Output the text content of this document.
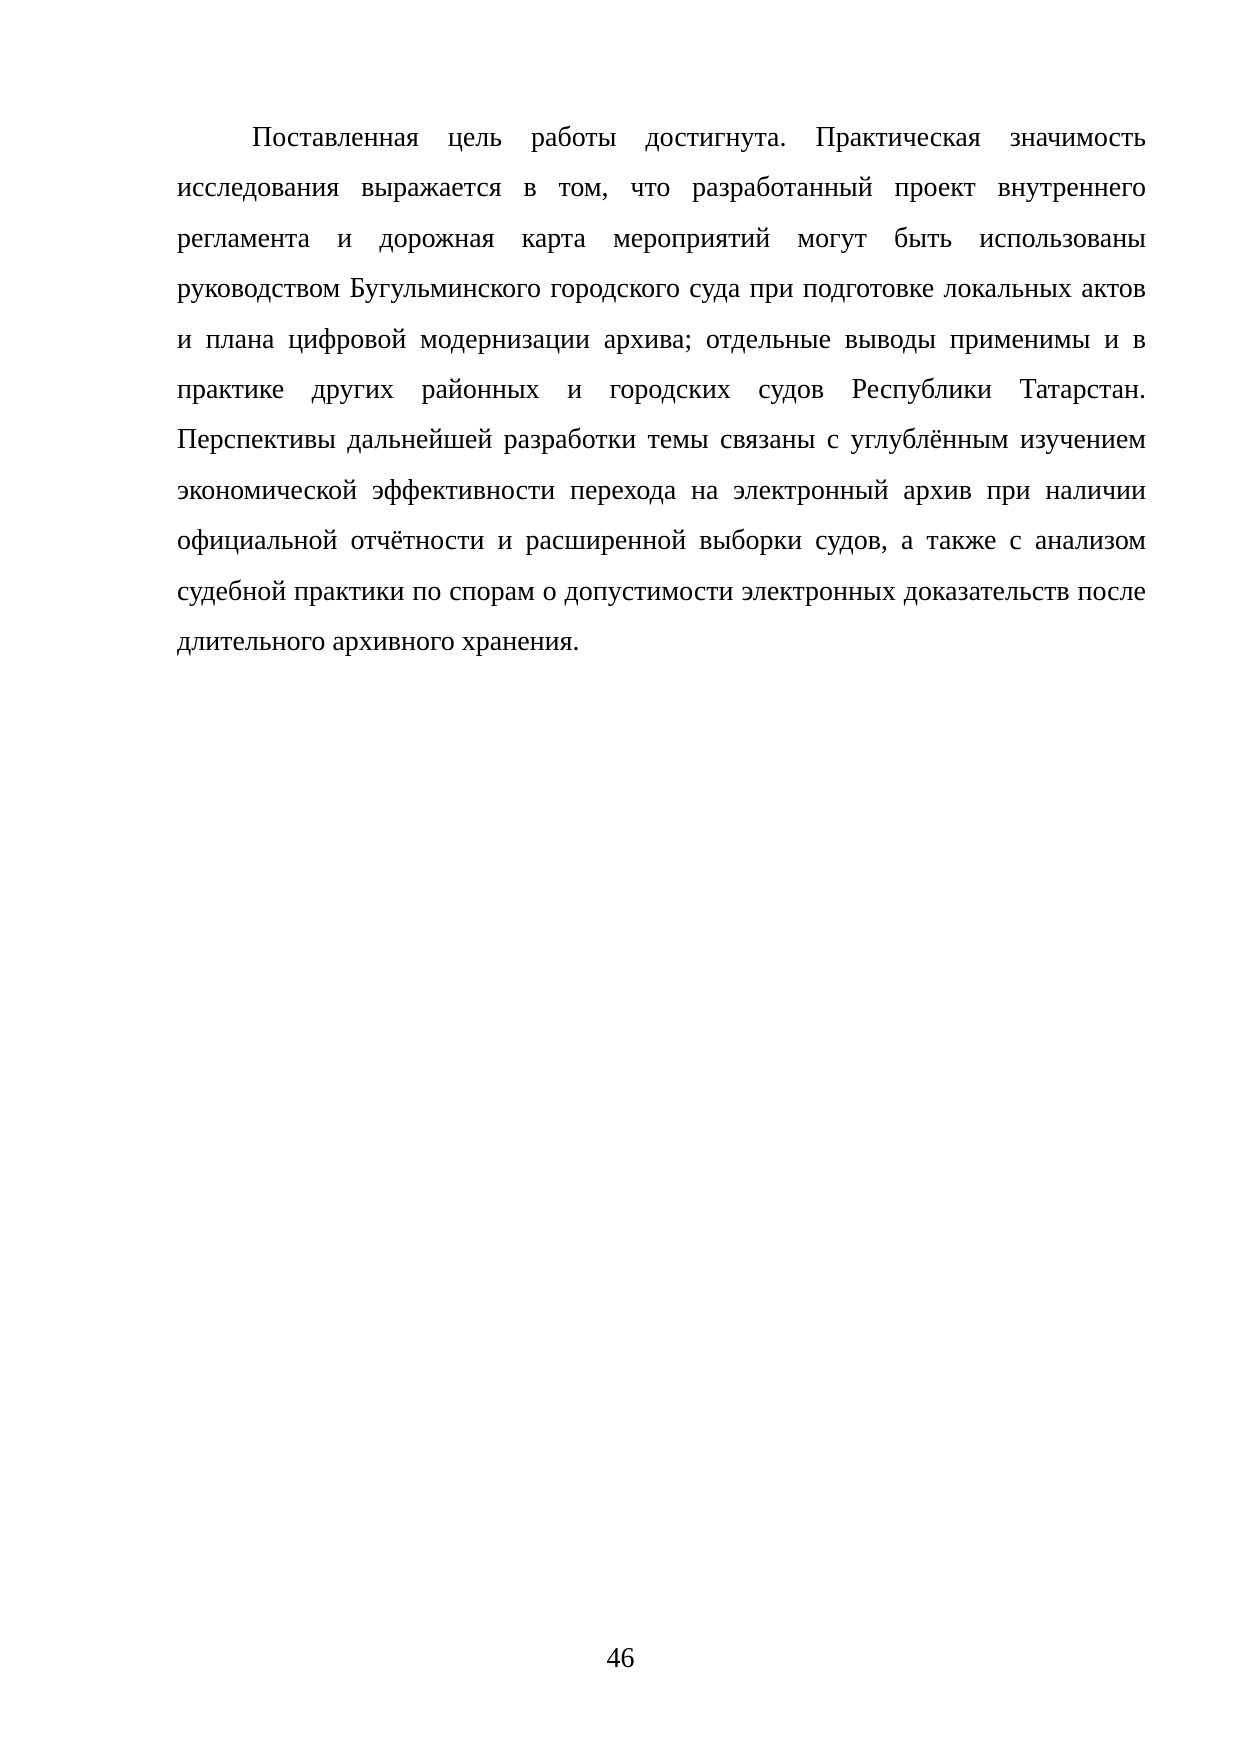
Поставленная цель работы достигнута. Практическая значимость исследования выражается в том, что разработанный проект внутреннего регламента и дорожная карта мероприятий могут быть использованы руководством Бугульминского городского суда при подготовке локальных актов и плана цифровой модернизации архива; отдельные выводы применимы и в практике других районных и городских судов Республики Татарстан. Перспективы дальнейшей разработки темы связаны с углублённым изучением экономической эффективности перехода на электронный архив при наличии официальной отчётности и расширенной выборки судов, а также с анализом судебной практики по спорам о допустимости электронных доказательств после длительного архивного хранения.

46
